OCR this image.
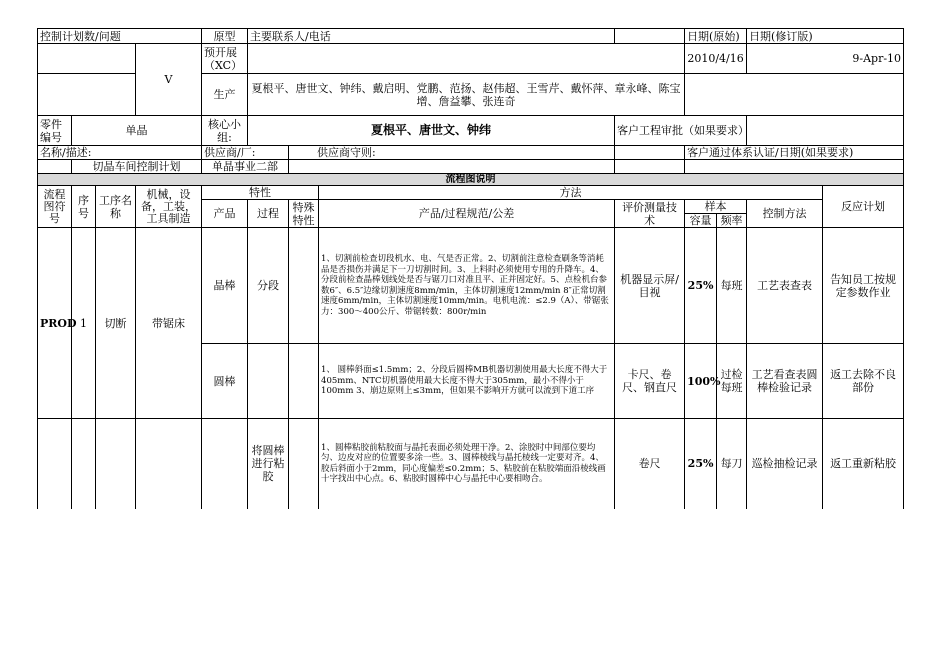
控制计划数/问题				原型	主要联系人/电话				日期(原始)		日期(修订版)	
			V	预开展（XC）					2010/4/16		9-Apr-10	
				生产	夏根平、唐世文、钟纬、戴启明、党鹏、范扬、赵伟超、王雪芹、戴怀萍、章永峰、陈宝增、詹益攀、张连奇							
零件编号	单晶			核心小组:	夏根平、唐世文、钟纬			客户工程审批（如果要求）				
名称/描述:				供应商/厂:		供应商守则:			客户通过体系认证/日期(如果要求)			
	切晶车间控制计划			单晶事业二部								
流程图说明												
流程图符号	序号	工序名称	机械，设备，工装，工具制造	特性			方法					反应计划
				产品	过程	特殊特性	产品/过程规范/公差	评价测量技术	样本		控制方法	
									容量	频率		
PROD	1	切断	带锯床	晶棒	分段		1、切割前检查切段机水、电、气是否正常。2、切割前注意检查刷条等消耗品是否损伤并满足下一刀切割时间。3、上料时必须使用专用的升降车。4、分段前检查晶棒划线处是否与锯刀口对准且平、正并固定好。5、点检机台参数6″、6.5″边缘切割速度8mm/min，主体切割速度12mm/min 8″正常切割速度6mm/min，主体切割速度10mm/min。电机电流：≤2.9（A）、带锯张力：300～400公斤、带锯转数：800r/min	机器显示屏/目视	25%	每班	工艺表查表	告知员工按规定参数作业
				圆棒			1、 圆棒斜面≤1.5mm；2、分段后圆棒MB机器切割使用最大长度不得大于405mm、NTC切机器使用最大长度不得大于305mm，最小不得小于100mm 3、崩边原则上≤3mm，但如果不影响开方就可以流到下道工序	卡尺、卷尺、钢直尺	100%	过检每班	工艺看查表圆棒检验记录	返工去除不良部份
					将圆棒进行粘胶		1、圆棒粘胶前粘胶面与晶托表面必须处理干净。2、涂胶时中间部位要均匀、边皮对应的位置要多涂一些。3、圆棒棱线与晶托棱线一定要对齐。4、胶后斜面小于2mm，同心度偏差≤0.2mm；5、粘胶前在粘胶端面沿棱线画十字找出中心点。6、粘胶时圆棒中心与晶托中心要相吻合。	卷尺	25%	每刀	巡检抽检记录	返工重新粘胶
